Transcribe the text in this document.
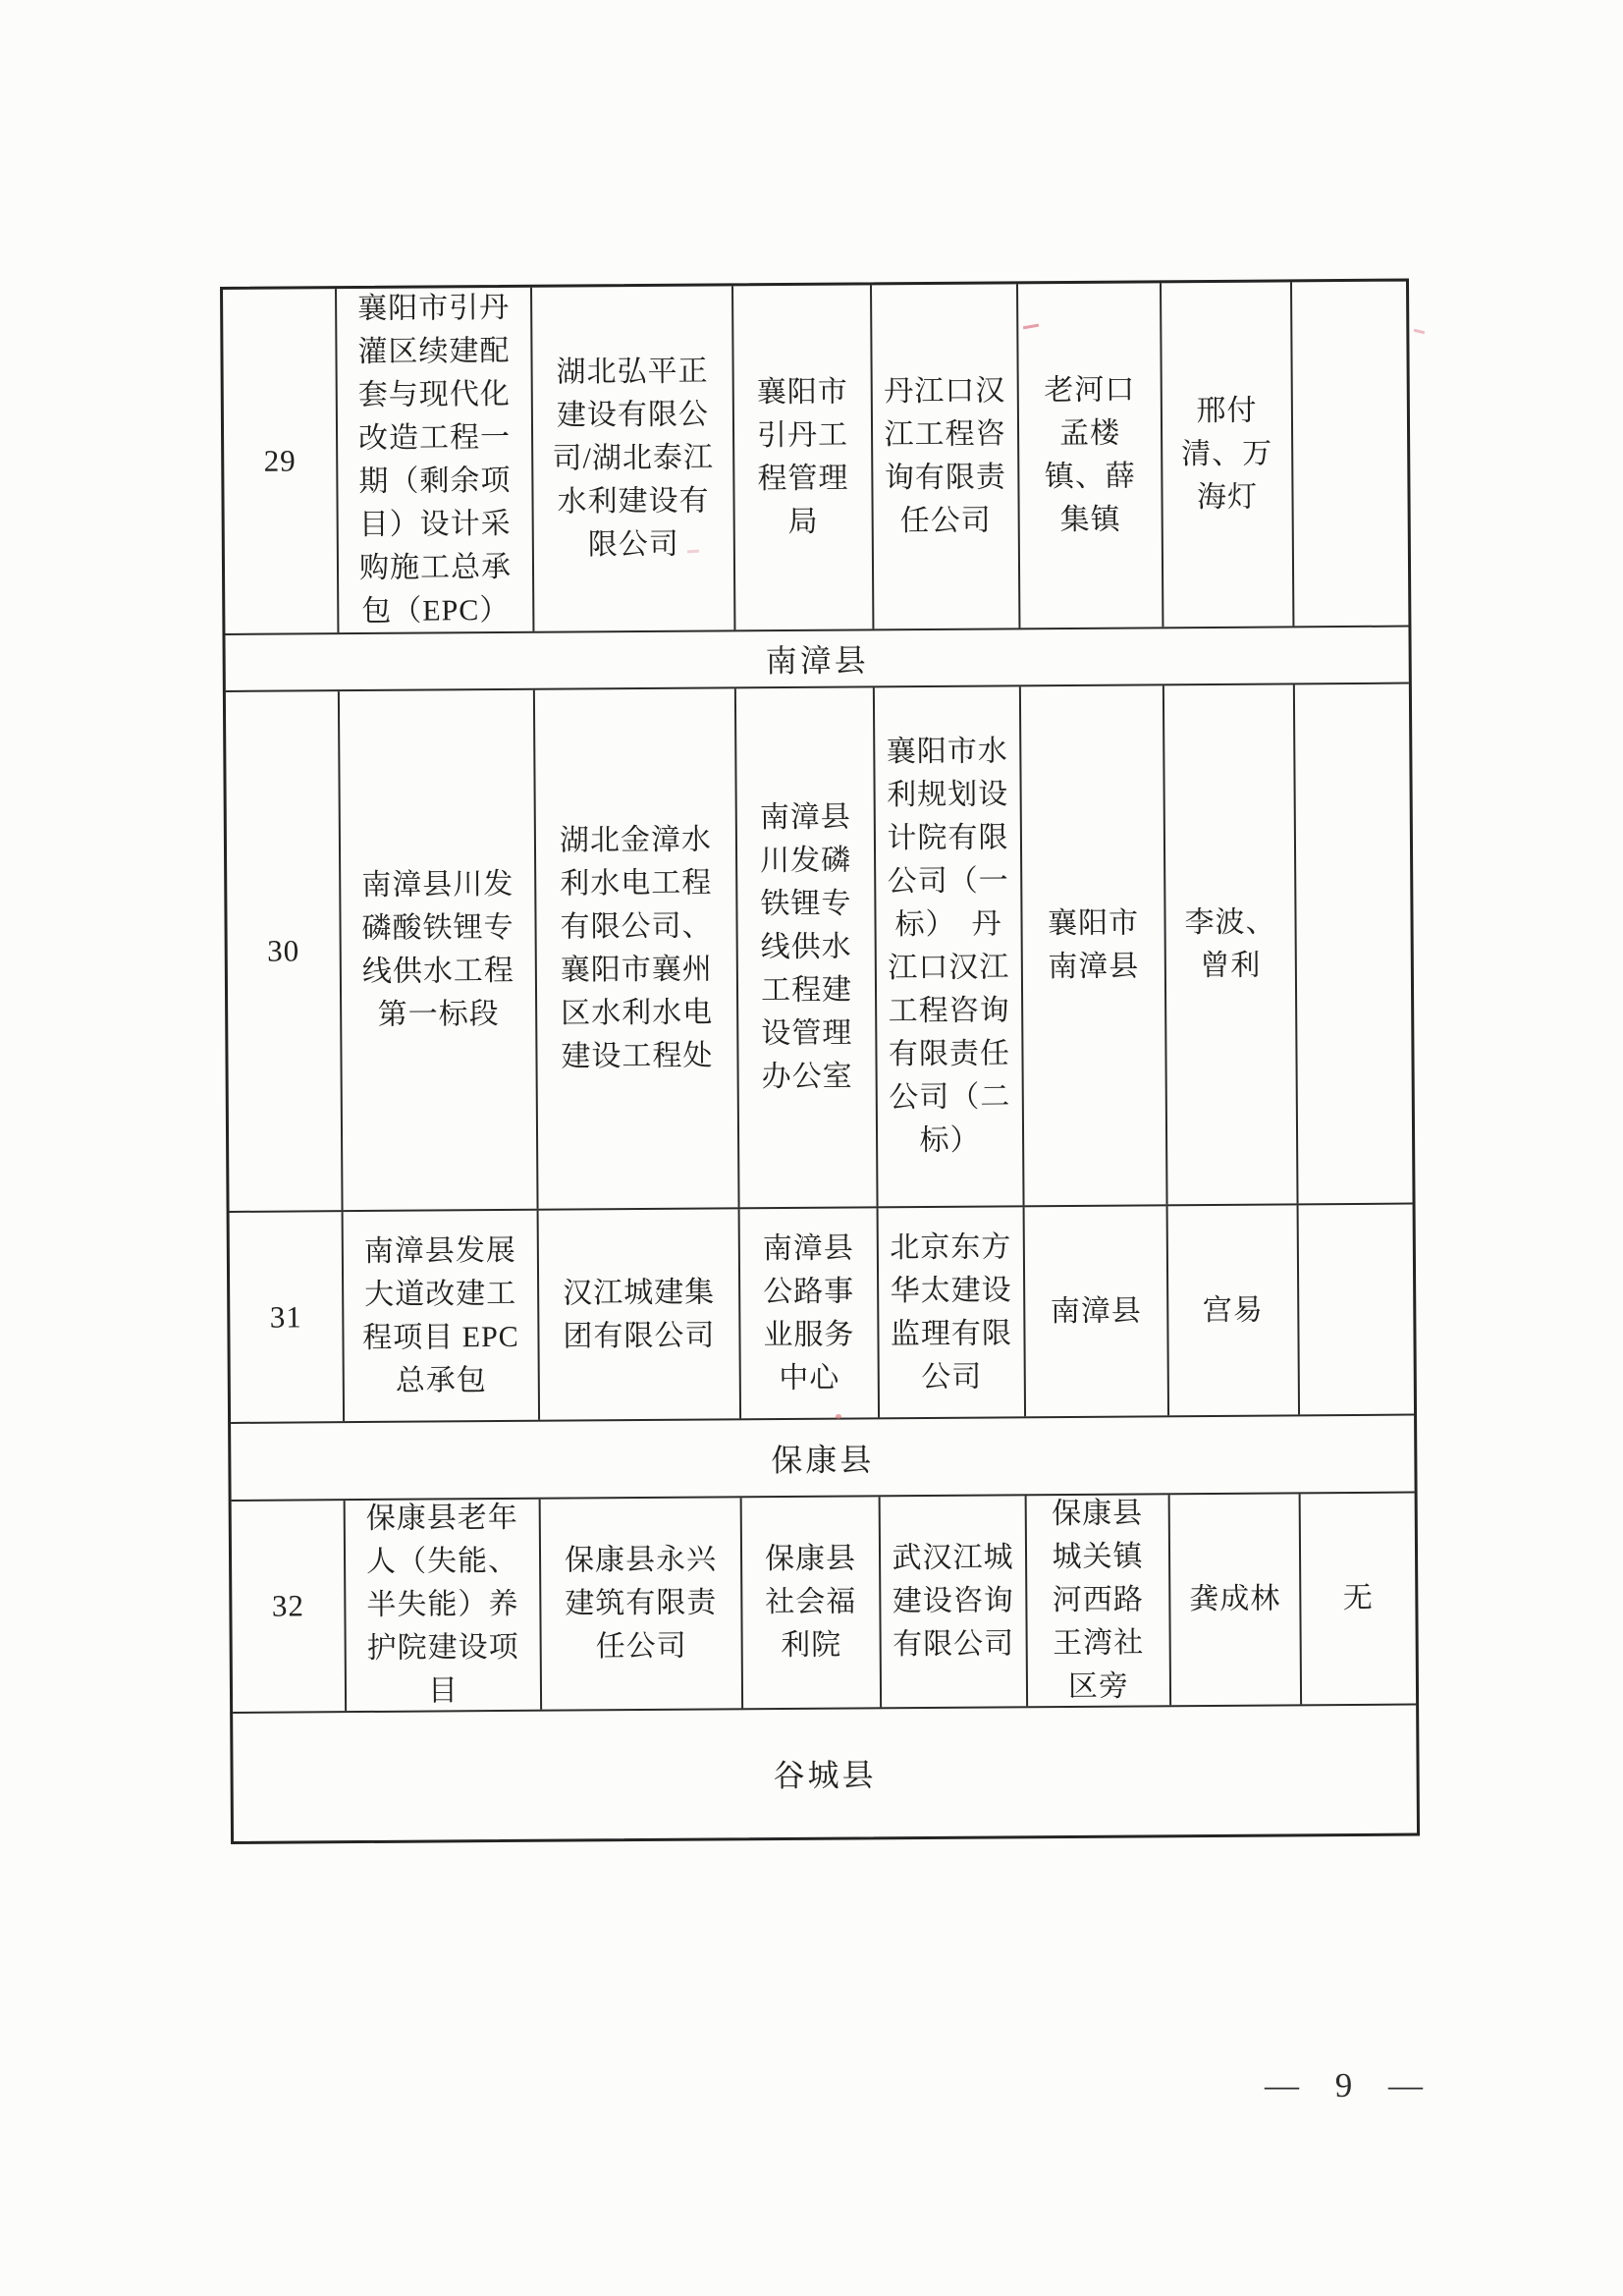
29
襄阳市引丹灌区续建配套与现代化改造工程一期（剩余项目）设计采购施工总承包（EPC）
湖北弘平正建设有限公司/湖北泰江水利建设有限公司
襄阳市引丹工程管理局
丹江口汉江工程咨询有限责任公司
老河口孟楼镇、薛集镇
邢付清、万海灯
南漳县
30
南漳县川发磷酸铁锂专线供水工程第一标段
湖北金漳水利水电工程有限公司、襄阳市襄州区水利水电建设工程处
南漳县川发磷铁锂专线供水工程建设管理办公室
襄阳市水利规划设计院有限公司（一标）　丹江口汉江工程咨询有限责任公司（二标）
襄阳市南漳县
李波、曾利
31
南漳县发展大道改建工程项目 EPC 总承包
汉江城建集团有限公司
南漳县公路事业服务中心
北京东方华太建设监理有限公司
南漳县	宫易
保康县
32
保康县老年人（失能、半失能）养护院建设项目
保康县永兴建筑有限责任公司
保康县社会福利院
武汉江城建设咨询有限公司
保康县城关镇河西路王湾社区旁
龚成林	无
谷城县
— 9 —
